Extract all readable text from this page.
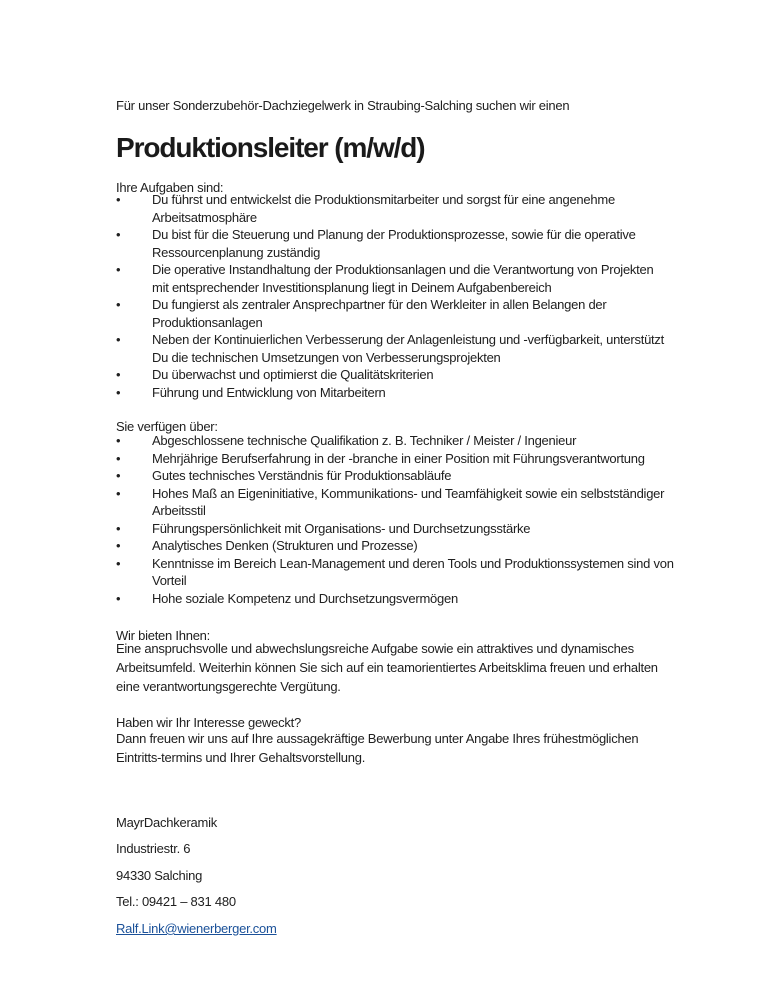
Für unser Sonderzubehör-Dachziegelwerk in Straubing-Salching suchen wir einen

Produktionsleiter (m/w/d)

Ihre Aufgaben sind:

•
Du führst und entwickelst die Produktionsmitarbeiter und sorgst für eine angenehme
Arbeitsatmosphäre
•
Du bist für die Steuerung und Planung der Produktionsprozesse, sowie für die operative
Ressourcenplanung zuständig
•
Die operative Instandhaltung der Produktionsanlagen und die Verantwortung von Projekten
mit entsprechender Investitionsplanung liegt in Deinem Aufgabenbereich
•
Du fungierst als zentraler Ansprechpartner für den Werkleiter in allen Belangen der
Produktionsanlagen
•
Neben der Kontinuierlichen Verbesserung der Anlagenleistung und -verfügbarkeit, unterstützt
Du die technischen Umsetzungen von Verbesserungsprojekten
•
Du überwachst und optimierst die Qualitätskriterien
•
Führung und Entwicklung von Mitarbeitern

Sie verfügen über:

•
Abgeschlossene technische Qualifikation z. B. Techniker / Meister / Ingenieur
•
Mehrjährige Berufserfahrung in der -branche in einer Position mit Führungsverantwortung
•
Gutes technisches Verständnis für Produktionsabläufe
•
Hohes Maß an Eigeninitiative, Kommunikations- und Teamfähigkeit sowie ein selbstständiger
Arbeitsstil
•
Führungspersönlichkeit mit Organisations- und Durchsetzungsstärke
•
Analytisches Denken (Strukturen und Prozesse)
•
Kenntnisse im Bereich Lean-Management und deren Tools und Produktionssystemen sind von
Vorteil
•
Hohe soziale Kompetenz und Durchsetzungsvermögen

Wir bieten Ihnen:

Eine anspruchsvolle und abwechslungsreiche Aufgabe sowie ein attraktives und dynamisches
Arbeitsumfeld. Weiterhin können Sie sich auf ein teamorientiertes Arbeitsklima freuen und erhalten
eine verantwortungsgerechte Vergütung.

Haben wir Ihr Interesse geweckt?

Dann freuen wir uns auf Ihre aussagekräftige Bewerbung unter Angabe Ihres frühestmöglichen
Eintritts-termins und Ihrer Gehaltsvorstellung.

MayrDachkeramik

Industriestr. 6

94330 Salching

Tel.: 09421 – 831 480

Ralf.Link@wienerberger.com
